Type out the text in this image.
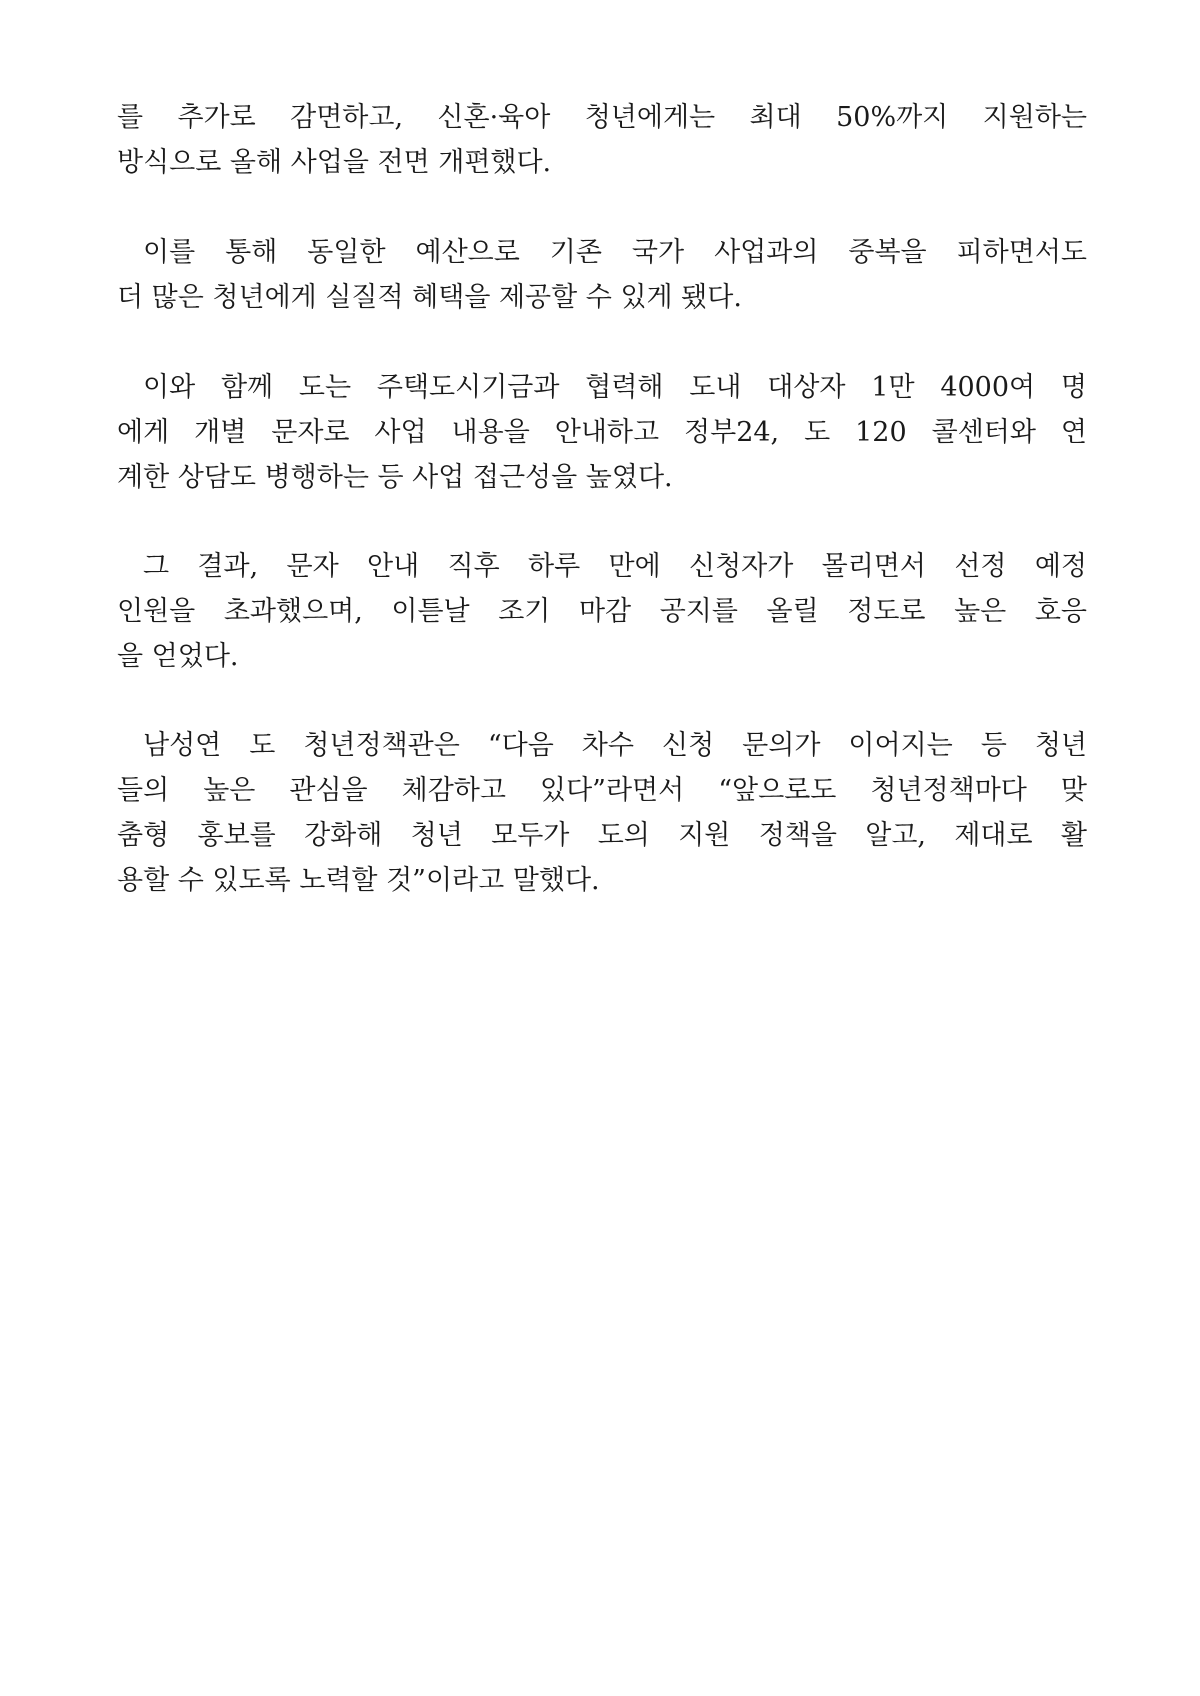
를 추가로 감면하고, 신혼·육아 청년에게는 최대 50%까지 지원하는

방식으로 올해 사업을 전면 개편했다.

이를 통해 동일한 예산으로 기존 국가 사업과의 중복을 피하면서도

더 많은 청년에게 실질적 혜택을 제공할 수 있게 됐다.

이와 함께 도는 주택도시기금과 협력해 도내 대상자 1만 4000여 명

에게 개별 문자로 사업 내용을 안내하고 정부24, 도 120 콜센터와 연

계한 상담도 병행하는 등 사업 접근성을 높였다.

그 결과, 문자 안내 직후 하루 만에 신청자가 몰리면서 선정 예정

인원을 초과했으며, 이튿날 조기 마감 공지를 올릴 정도로 높은 호응

을 얻었다.

남성연 도 청년정책관은 “다음 차수 신청 문의가 이어지는 등 청년

들의 높은 관심을 체감하고 있다”라면서 “앞으로도 청년정책마다 맞

춤형 홍보를 강화해 청년 모두가 도의 지원 정책을 알고, 제대로 활

용할 수 있도록 노력할 것”이라고 말했다.
